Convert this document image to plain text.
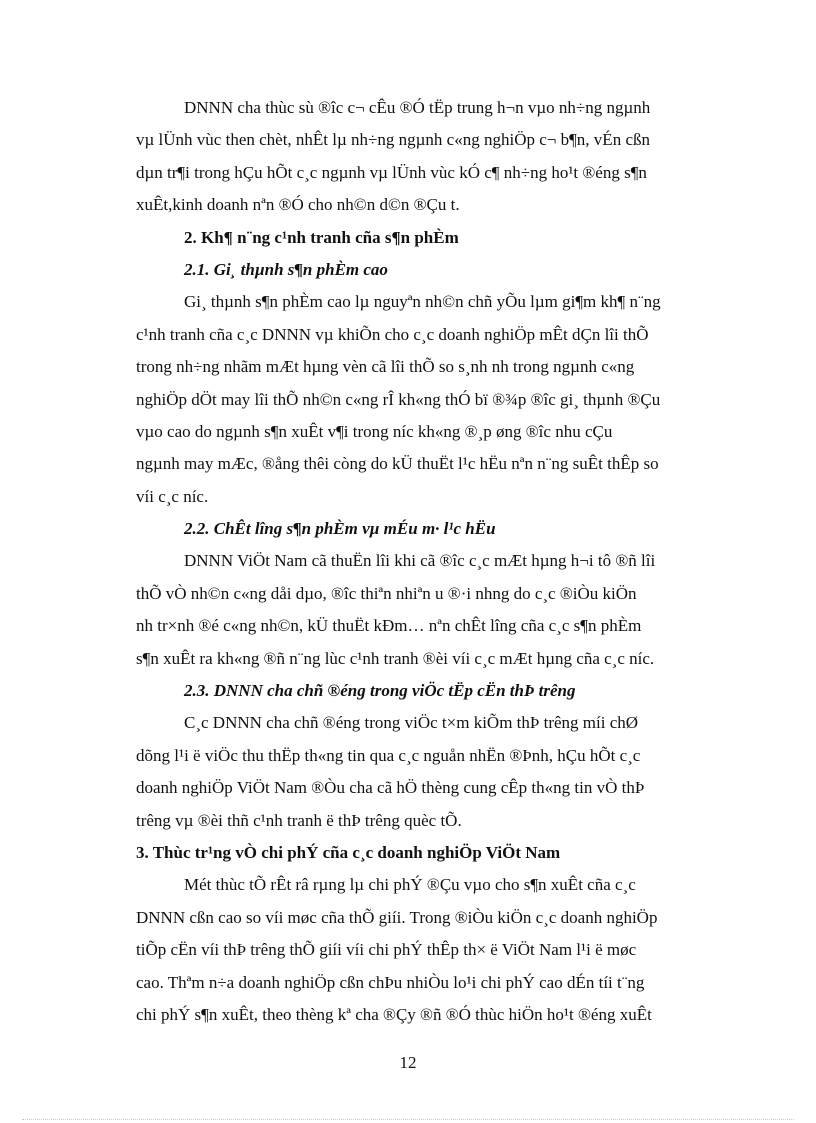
DNNN cha thùc sù ®îc c¬ cÊu ®Ó tËp trung h¬n vµo nh÷ng ngµnh
vµ lÜnh vùc then chèt, nhÊt lµ nh÷ng ngµnh c«ng nghiÖp c¬ b¶n, vÉn cßn
dµn tr¶i trong hÇu hÕt c¸c ngµnh vµ lÜnh vùc kÓ c¶ nh÷ng ho¹t ®éng s¶n
xuÊt,kinh doanh nªn ®Ó cho nh©n d©n ®Çu t.
2. Kh¶ n¨ng c¹nh tranh cña s¶n phÈm
2.1. Gi¸ thµnh s¶n phÈm cao
Gi¸ thµnh s¶n phÈm cao lµ nguyªn nh©n chñ yÕu lµm gi¶m kh¶ n¨ng
c¹nh tranh cña c¸c DNNN vµ khiÕn cho c¸c doanh nghiÖp mÊt dÇn lîi thÕ
trong nh÷ng nhãm mÆt hµng vèn cã lîi thÕ so s¸nh nh trong ngµnh c«ng
nghiÖp dÖt may lîi thÕ nh©n c«ng rÎ kh«ng thÓ bï ®¾p ®îc gi¸ thµnh ®Çu
vµo cao do ngµnh s¶n xuÊt v¶i trong níc kh«ng ®¸p øng ®îc nhu cÇu
ngµnh may mÆc, ®ång thêi còng do kÜ thuËt l¹c hËu nªn n¨ng suÊt thÊp so
víi c¸c níc.
2.2. ChÊt lîng s¶n phÈm vµ mÉu m· l¹c hËu
DNNN ViÖt Nam cã thuËn lîi khi cã ®îc c¸c mÆt hµng h¬i tô ®ñ lîi
thÕ vÒ nh©n c«ng dåi dµo, ®îc thiªn nhiªn u ®·i nhng do c¸c ®iÒu kiÖn
nh tr×nh ®é c«ng nh©n, kÜ thuËt kÐm… nªn chÊt lîng cña c¸c s¶n phÈm
s¶n xuÊt ra kh«ng ®ñ n¨ng lùc c¹nh tranh ®èi víi c¸c mÆt hµng cña c¸c níc.
2.3. DNNN cha chñ ®éng trong viÖc tËp cËn thÞ trêng
C¸c DNNN cha chñ ®éng trong viÖc t×m kiÕm thÞ trêng míi chØ
dõng l¹i ë viÖc thu thËp th«ng tin qua c¸c nguån nhËn ®Þnh, hÇu hÕt c¸c
doanh nghiÖp ViÖt Nam ®Òu cha cã hÖ thèng cung cÊp th«ng tin vÒ thÞ
trêng vµ ®èi thñ c¹nh tranh ë thÞ trêng quèc tÕ.
3. Thùc tr¹ng vÒ chi phÝ cña c¸c doanh nghiÖp ViÖt Nam
Mét thùc tÕ rÊt râ rµng lµ chi phÝ ®Çu vµo cho s¶n xuÊt cña c¸c
DNNN cßn cao so víi møc cña thÕ giíi. Trong ®iÒu kiÖn c¸c doanh nghiÖp
tiÕp cËn víi thÞ trêng thÕ giíi víi chi phÝ thÊp th× ë ViÖt Nam l¹i ë møc
cao. Thªm n÷a doanh nghiÖp cßn chÞu nhiÒu lo¹i chi phÝ cao dÉn tíi t¨ng
chi phÝ s¶n xuÊt, theo thèng kª cha ®Çy ®ñ ®Ó thùc hiÖn ho¹t ®éng xuÊt
12
